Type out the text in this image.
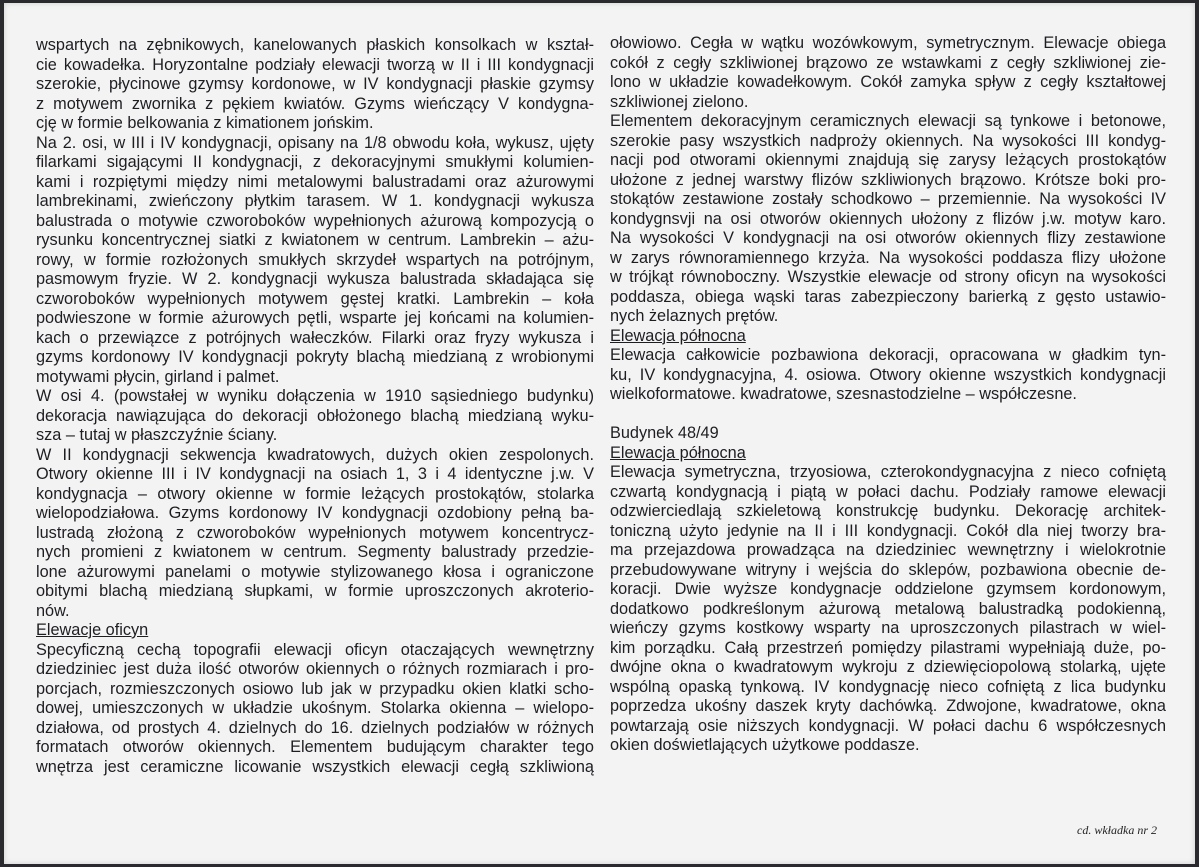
wspartych na zębnikowych, kanelowanych płaskich konsolkach w kształ-
cie kowadełka. Horyzontalne podziały elewacji tworzą w II i III kondygnacji
szerokie, płycinowe gzymsy kordonowe, w IV kondygnacji płaskie gzymsy
z motywem zwornika z pękiem kwiatów. Gzyms wieńczący V kondygna-
cję w formie belkowania z kimationem jońskim.
Na 2. osi, w III i IV kondygnacji, opisany na 1/8 obwodu koła, wykusz, ujęty
filarkami sigającymi II kondygnacji, z dekoracyjnymi smukłymi kolumien-
kami i rozpiętymi między nimi metalowymi balustradami oraz ażurowymi
lambrekinami, zwieńczony płytkim tarasem. W 1. kondygnacji wykusza
balustrada o motywie czworoboków wypełnionych ażurową kompozycją o
rysunku koncentrycznej siatki z kwiatonem w centrum. Lambrekin – ażu-
rowy, w formie rozłożonych smukłych skrzydeł wspartych na potrójnym,
pasmowym fryzie. W 2. kondygnacji wykusza balustrada składająca się
czworoboków wypełnionych motywem gęstej kratki. Lambrekin – koła
podwieszone w formie ażurowych pętli, wsparte jej końcami na kolumien-
kach o przewiązce z potrójnych wałeczków. Filarki oraz fryzy wykusza i
gzyms kordonowy IV kondygnacji pokryty blachą miedzianą z wrobionymi
motywami płycin, girland i palmet.
W osi 4. (powstałej w wyniku dołączenia w 1910 sąsiedniego budynku)
dekoracja nawiązująca do dekoracji obłożonego blachą miedzianą wyku-
sza – tutaj w płaszczyźnie ściany.
W II kondygnacji sekwencja kwadratowych, dużych okien zespolonych.
Otwory okienne III i IV kondygnacji na osiach 1, 3 i 4 identyczne j.w. V
kondygnacja – otwory okienne w formie leżących prostokątów, stolarka
wielopodziałowa. Gzyms kordonowy IV kondygnacji ozdobiony pełną ba-
lustradą złożoną z czworoboków wypełnionych motywem koncentrycz-
nych promieni z kwiatonem w centrum. Segmenty balustrady przedzie-
lone ażurowymi panelami o motywie stylizowanego kłosa i ograniczone
obitymi blachą miedzianą słupkami, w formie uproszczonych akroterio-
nów.
Elewacje oficyn
Specyficzną cechą topografii elewacji oficyn otaczających wewnętrzny
dziedziniec jest duża ilość otworów okiennych o różnych rozmiarach i pro-
porcjach, rozmieszczonych osiowo lub jak w przypadku okien klatki scho-
dowej, umieszczonych w układzie ukośnym. Stolarka okienna – wielopo-
działowa, od prostych 4. dzielnych do 16. dzielnych podziałów w różnych
formatach otworów okiennych. Elementem budującym charakter tego
wnętrza jest ceramiczne licowanie wszystkich elewacji cegłą szkliwioną
ołowiowo. Cegła w wątku wozówkowym, symetrycznym. Elewacje obiega
cokół z cegły szkliwionej brązowo ze wstawkami z cegły szkliwionej zie-
lono w układzie kowadełkowym. Cokół zamyka spływ z cegły kształtowej
szkliwionej zielono.
Elementem dekoracyjnym ceramicznych elewacji są tynkowe i betonowe,
szerokie pasy wszystkich nadproży okiennych. Na wysokości III kondyg-
nacji pod otworami okiennymi znajdują się zarysy leżących prostokątów
ułożone z jednej warstwy flizów szkliwionych brązowo. Krótsze boki pro-
stokątów zestawione zostały schodkowo – przemiennie. Na wysokości IV
kondygnsvji na osi otworów okiennych ułożony z flizów j.w. motyw karo.
Na wysokości V kondygnacji na osi otworów okiennych flizy zestawione
w zarys równoramiennego krzyża. Na wysokości poddasza flizy ułożone
w trójkąt równoboczny. Wszystkie elewacje od strony oficyn na wysokości
poddasza, obiega wąski taras zabezpieczony barierką z gęsto ustawio-
nych żelaznych prętów.
Elewacja północna
Elewacja całkowicie pozbawiona dekoracji, opracowana w gładkim tyn-
ku, IV kondygnacyjna, 4. osiowa. Otwory okienne wszystkich kondygnacji
wielkoformatowe. kwadratowe, szesnastodzielne – współczesne.
Budynek 48/49
Elewacja północna
Elewacja symetryczna, trzyosiowa, czterokondygnacyjna z nieco cofniętą
czwartą kondygnacją i piątą w połaci dachu. Podziały ramowe elewacji
odzwierciedlają szkieletową konstrukcję budynku. Dekorację architek-
toniczną użyto jedynie na II i III kondygnacji. Cokół dla niej tworzy bra-
ma przejazdowa prowadząca na dziedziniec wewnętrzny i wielokrotnie
przebudowywane witryny i wejścia do sklepów, pozbawiona obecnie de-
koracji. Dwie wyższe kondygnacje oddzielone gzymsem kordonowym,
dodatkowo podkreślonym ażurową metalową balustradką podokienną,
wieńczy gzyms kostkowy wsparty na uproszczonych pilastrach w wiel-
kim porządku. Całą przestrzeń pomiędzy pilastrami wypełniają duże, po-
dwójne okna o kwadratowym wykroju z dziewięciopolową stolarką, ujęte
wspólną opaską tynkową. IV kondygnację nieco cofniętą z lica budynku
poprzedza ukośny daszek kryty dachówką. Zdwojone, kwadratowe, okna
powtarzają osie niższych kondygnacji. W połaci dachu 6 współczesnych
okien doświetlających użytkowe poddasze.
cd. wkładka nr 2
